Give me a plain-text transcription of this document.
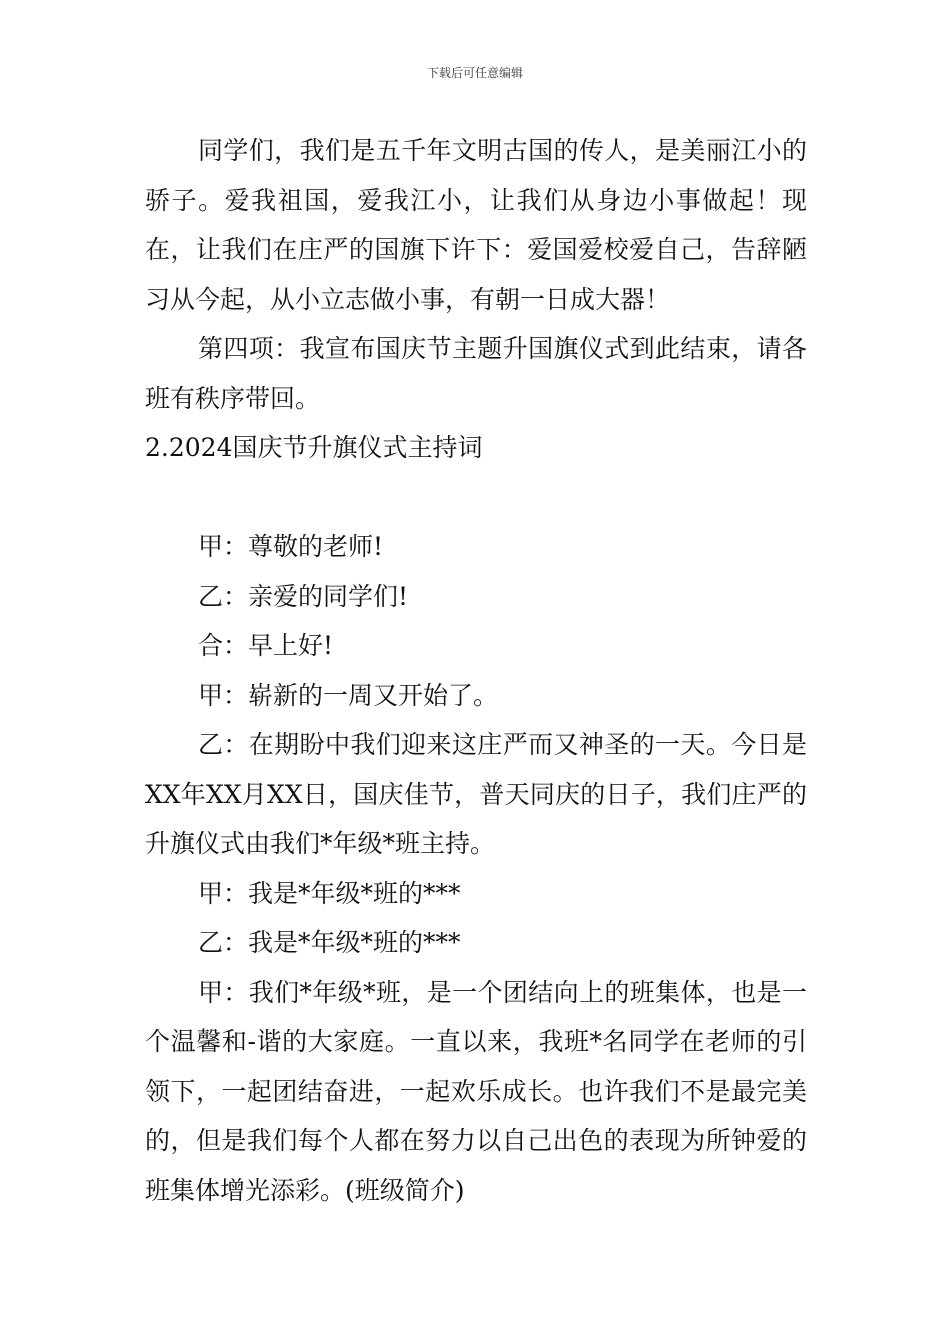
下载后可任意编辑

同学们，我们是五千年文明古国的传人，是美丽江小的骄子。爱我祖国，爱我江小，让我们从身边小事做起！现在，让我们在庄严的国旗下许下：爱国爱校爱自己，告辞陋习从今起，从小立志做小事，有朝一日成大器！

第四项：我宣布国庆节主题升国旗仪式到此结束，请各班有秩序带回。

2.2024国庆节升旗仪式主持词

甲：尊敬的老师!

乙：亲爱的同学们!

合：早上好!

甲：崭新的一周又开始了。

乙：在期盼中我们迎来这庄严而又神圣的一天。今日是XX年XX月XX日，国庆佳节，普天同庆的日子，我们庄严的升旗仪式由我们*年级*班主持。

甲：我是*年级*班的***

乙：我是*年级*班的***

甲：我们*年级*班，是一个团结向上的班集体，也是一个温馨和-谐的大家庭。一直以来，我班*名同学在老师的引领下，一起团结奋进，一起欢乐成长。也许我们不是最完美的，但是我们每个人都在努力以自己出色的表现为所钟爱的班集体增光添彩。(班级简介)
